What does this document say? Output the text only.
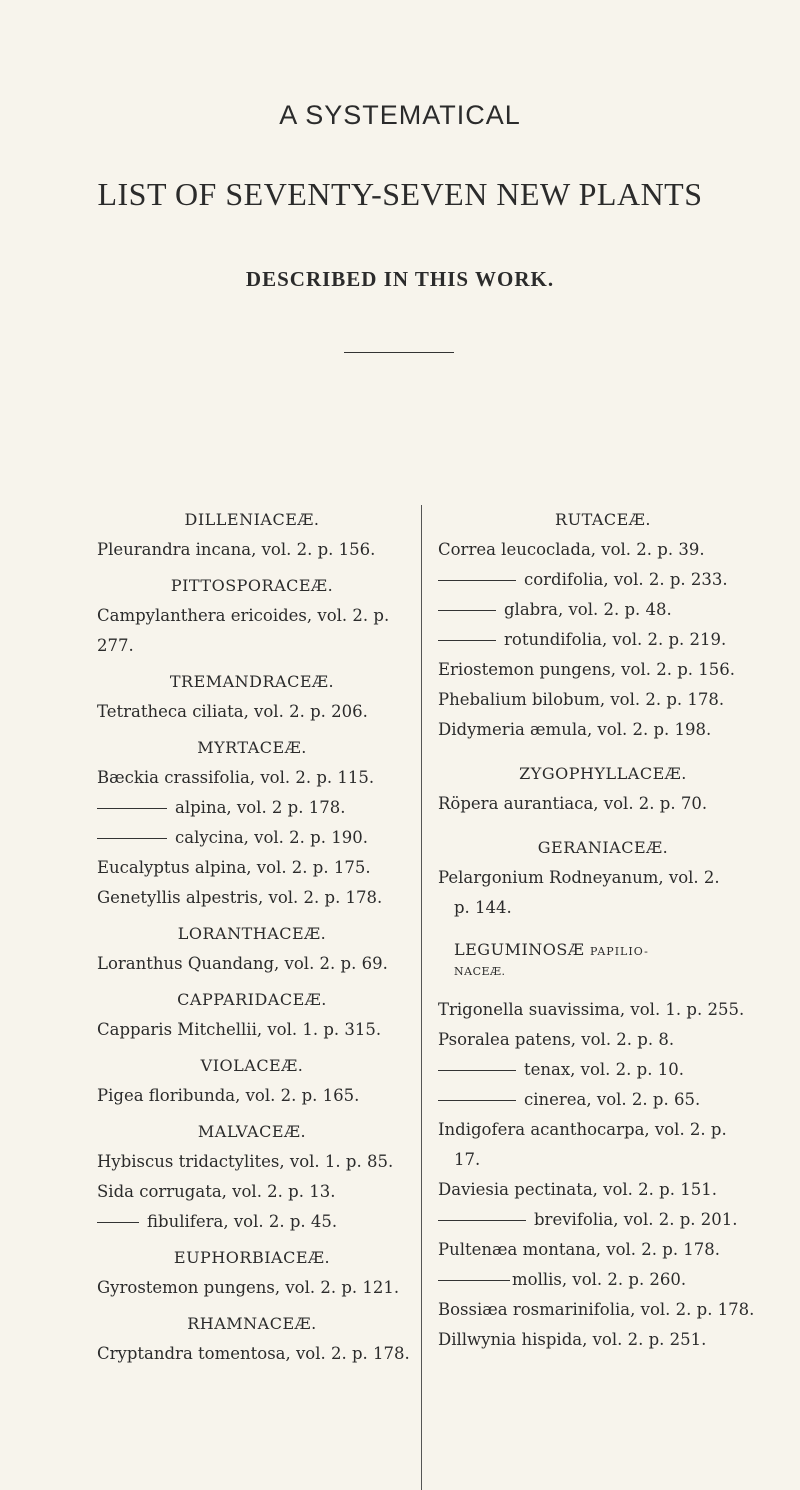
A SYSTEMATICAL
LIST OF SEVENTY-SEVEN NEW PLANTS
DESCRIBED IN THIS WORK.
DILLENIACEÆ.
Pleurandra incana, vol. 2. p. 156.
PITTOSPORACEÆ.
Campylanthera ericoides, vol. 2. p.
277.
TREMANDRACEÆ.
Tetratheca ciliata, vol. 2. p. 206.
MYRTACEÆ.
Bæckia crassifolia, vol. 2. p. 115.
alpina, vol. 2 p. 178.
calycina, vol. 2. p. 190.
Eucalyptus alpina, vol. 2. p. 175.
Genetyllis alpestris, vol. 2. p. 178.
LORANTHACEÆ.
Loranthus Quandang, vol. 2. p. 69.
CAPPARIDACEÆ.
Capparis Mitchellii, vol. 1. p. 315.
VIOLACEÆ.
Pigea floribunda, vol. 2. p. 165.
MALVACEÆ.
Hybiscus tridactylites, vol. 1. p. 85.
Sida corrugata, vol. 2. p. 13.
fibulifera, vol. 2. p. 45.
EUPHORBIACEÆ.
Gyrostemon pungens, vol. 2. p. 121.
RHAMNACEÆ.
Cryptandra tomentosa, vol. 2. p. 178.
RUTACEÆ.
Correa leucoclada, vol. 2. p. 39.
cordifolia, vol. 2. p. 233.
glabra, vol. 2. p. 48.
rotundifolia, vol. 2. p. 219.
Eriostemon pungens, vol. 2. p. 156.
Phebalium bilobum, vol. 2. p. 178.
Didymeria æmula, vol. 2. p. 198.
ZYGOPHYLLACEÆ.
Röpera aurantiaca, vol. 2. p. 70.
GERANIACEÆ.
Pelargonium Rodneyanum, vol. 2.
p. 144.
LEGUMINOSÆ PAPILIO-
NACEÆ.
Trigonella suavissima, vol. 1. p. 255.
Psoralea patens, vol. 2. p. 8.
tenax, vol. 2. p. 10.
cinerea, vol. 2. p. 65.
Indigofera acanthocarpa, vol. 2. p.
17.
Daviesia pectinata, vol. 2. p. 151.
brevifolia, vol. 2. p. 201.
Pultenæa montana, vol. 2. p. 178.
mollis, vol. 2. p. 260.
Bossiæa rosmarinifolia, vol. 2. p. 178.
Dillwynia hispida, vol. 2. p. 251.
